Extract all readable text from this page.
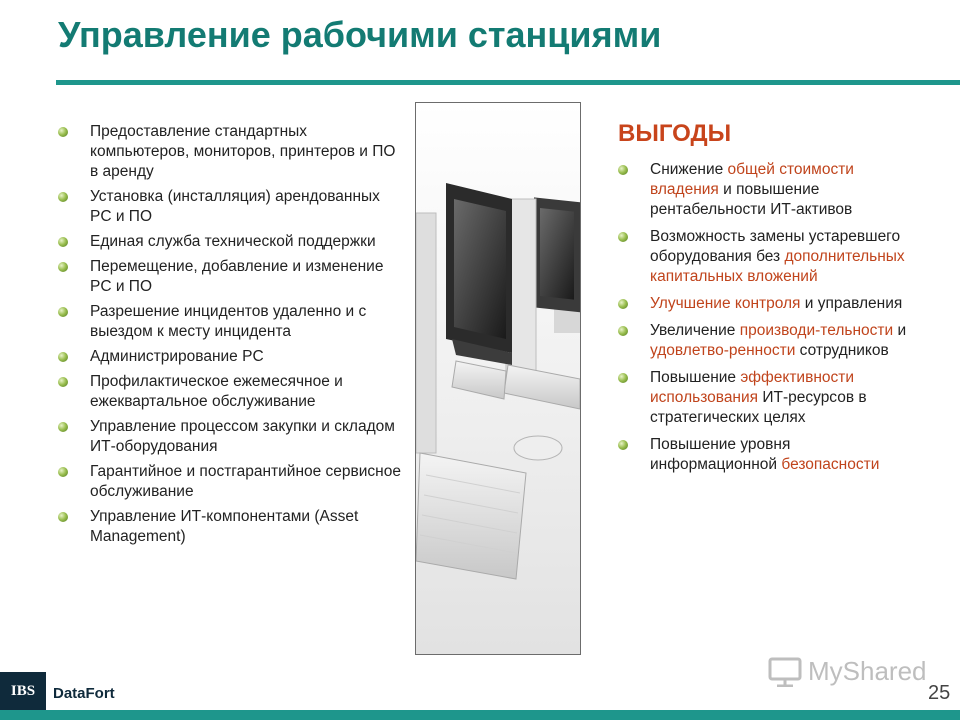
Управление рабочими станциями
Предоставление стандартных компьютеров, мониторов, принтеров и ПО в аренду
Установка (инсталляция) арендованных PC и ПО
Единая служба технической поддержки
Перемещение, добавление и изменение PC и ПО
Разрешение инцидентов удаленно и с выездом к месту инцидента
Администрирование PC
Профилактическое ежемесячное и ежеквартальное обслуживание
Управление процессом закупки и складом ИТ-оборудования
Гарантийное и постгарантийное сервисное обслуживание
Управление ИТ-компонентами (Asset Management)
ВЫГОДЫ
Снижение общей стоимости владения и повышение рентабельности ИТ-активов
Возможность замены устаревшего оборудования без дополнительных капитальных вложений
Улучшение контроля и управления
Увеличение производи-тельности и удовлетво-ренности сотрудников
Повышение эффективности использования ИТ-ресурсов в стратегических целях
Повышение уровня информационной безопасности
MyShared
25
IBS	DataFort
